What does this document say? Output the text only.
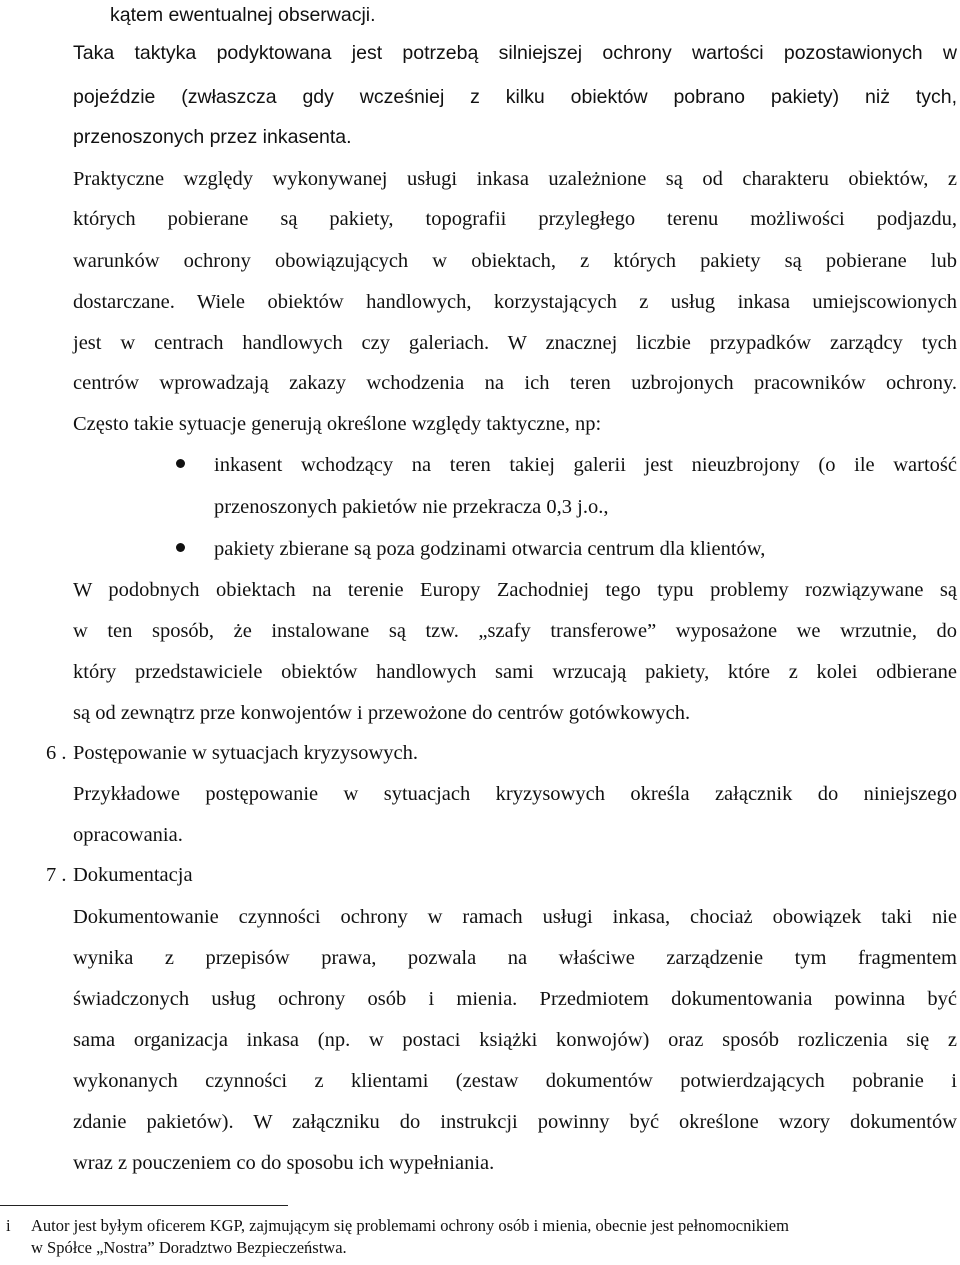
kątem ewentualnej obserwacji.

Taka taktyka podyktowana jest potrzebą silniejszej ochrony wartości pozostawionych w

pojeździe (zwłaszcza gdy wcześniej z kilku obiektów pobrano pakiety) niż tych,

przenoszonych przez inkasenta.

Praktyczne względy wykonywanej usługi inkasa uzależnione są od charakteru obiektów, z

których pobierane są pakiety, topografii przyległego terenu możliwości podjazdu,

warunków ochrony obowiązujących w obiektach, z których pakiety są pobierane lub

dostarczane. Wiele obiektów handlowych, korzystających z usług inkasa umiejscowionych

jest w centrach handlowych czy galeriach. W znacznej liczbie przypadków zarządcy tych

centrów wprowadzają zakazy wchodzenia na ich teren uzbrojonych pracowników ochrony.

Często takie sytuacje generują określone względy taktyczne, np:

inkasent wchodzący na teren takiej galerii jest nieuzbrojony (o ile wartość

przenoszonych pakietów nie przekracza 0,3 j.o.,

pakiety zbierane są poza godzinami otwarcia centrum dla klientów,

W podobnych obiektach na terenie Europy Zachodniej tego typu problemy rozwiązywane są

w ten sposób, że instalowane są tzw. „szafy transferowe” wyposażone we wrzutnie, do

który przedstawiciele obiektów handlowych sami wrzucają pakiety, które z kolei odbierane

są od zewnątrz prze konwojentów i przewożone do centrów gotówkowych.

6 . Postępowanie w sytuacjach kryzysowych.

Przykładowe postępowanie w sytuacjach kryzysowych określa załącznik do niniejszego

opracowania.

7 . Dokumentacja

Dokumentowanie czynności ochrony w ramach usługi inkasa, chociaż obowiązek taki nie

wynika z przepisów prawa, pozwala na właściwe zarządzenie tym fragmentem

świadczonych usług ochrony osób i mienia. Przedmiotem dokumentowania powinna być

sama organizacja inkasa (np. w postaci książki konwojów) oraz sposób rozliczenia się z

wykonanych czynności z klientami (zestaw dokumentów potwierdzających pobranie i

zdanie pakietów). W załączniku do instrukcji powinny być określone wzory dokumentów

wraz z pouczeniem co do sposobu ich wypełniania.

i Autor jest byłym oficerem KGP, zajmującym się problemami ochrony osób i mienia, obecnie jest pełnomocnikiem

w Spółce „Nostra” Doradztwo Bezpieczeństwa.
